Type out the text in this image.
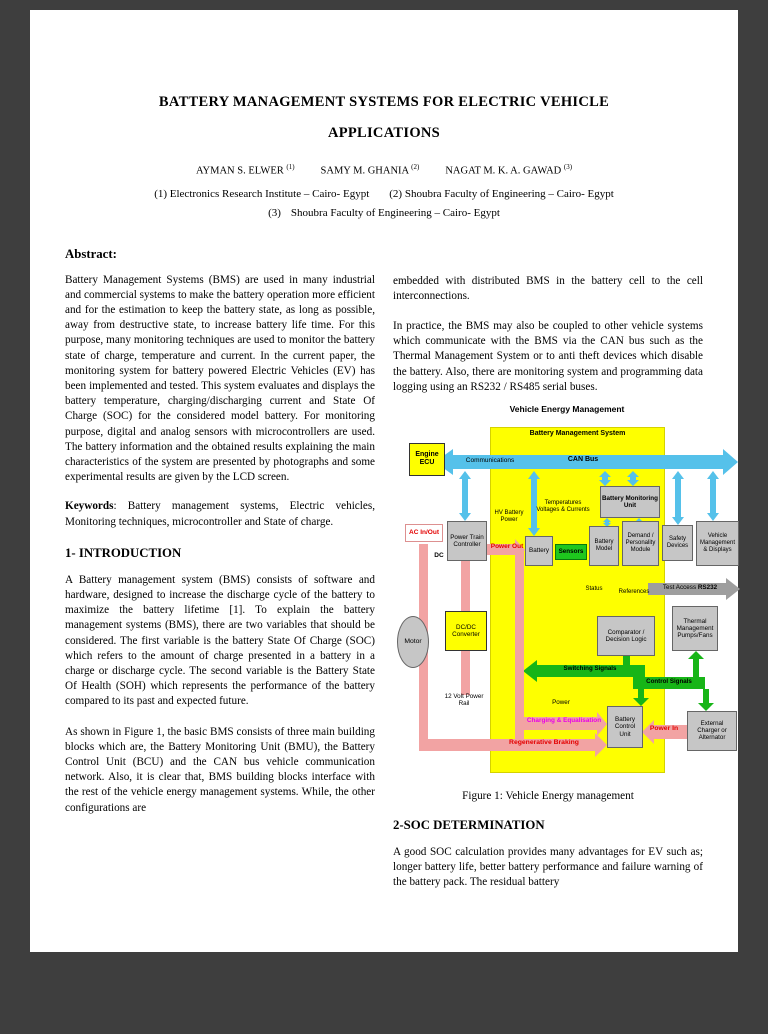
BATTERY MANAGEMENT SYSTEMS FOR ELECTRIC VEHICLE
APPLICATIONS
AYMAN S. ELWER $^{(1)}$ SAMY M. GHANIA $^{(2)}$ NAGAT M. K. A. GAWAD $^{(3)}$
(1) Electronics Research Institute – Cairo- Egypt (2) Shoubra Faculty of Engineering – Cairo- Egypt
(3) Shoubra Faculty of Engineering – Cairo- Egypt
Abstract:

Battery Management Systems (BMS) are used in many industrial and commercial systems to make the battery operation more efficient and for the estimation to keep the battery state, as long as possible, away from destructive state, to increase battery life time. For this purpose, many monitoring techniques are used to monitor the battery state of charge, temperature and current. In the current paper, the monitoring system for battery powered Electric Vehicles (EV) has been implemented and tested. This system evaluates and displays the battery temperature, charging/discharging current and State Of Charge (SOC) for the considered model battery. For monitoring purpose, digital and analog sensors with microcontrollers are used. The battery information and the obtained results explaining the main characteristics of the system are presented by photographs and some experimental results are given by the LCD screen.

Keywords: Battery management systems, Electric vehicles, Monitoring techniques, microcontroller and State of charge.

1- INTRODUCTION

A Battery management system (BMS) consists of software and hardware, designed to increase the discharge cycle of the battery to maximize the battery lifetime [1]. To explain the battery management systems (BMS), there are two variables that should be considered. The first variable is the battery State Of Charge (SOC) which refers to the amount of charge presented in a battery in a charge or discharge cycle. The second variable is the Battery State Of Health (SOH) which represents the performance of the battery compared to its past and expected future.

As shown in Figure 1, the basic BMS consists of three main building blocks which are, the Battery Monitoring Unit (BMU), the Battery Control Unit (BCU) and the CAN bus vehicle communication network. Also, it is clear that, BMS building blocks interface with the rest of the vehicle energy management systems. While, the other configurations are

embedded with distributed BMS in the battery cell to the cell interconnections.

In practice, the BMS may also be coupled to other vehicle systems which communicate with the BMS via the CAN bus such as the Thermal Management System or to anti theft devices which disable the battery. Also, there are monitoring system and programming data logging using an RS232 / RS485 serial buses.

Vehicle Energy Management
Battery Management System
Communications	CAN Bus
Engine ECU
Battery Monitoring Unit
Temperatures Voltages & Currents
AC In/Out
Power Train Controller
HV Battery Power
Power Out
DC
Battery	Sensors
Battery Model
Demand / Personality Module
Safety Devices
Vehicle Management & Displays
Status	References
Test Access RS232
Comparator / Decision Logic
Thermal Management Pumps/Fans
DC/DC Converter
Motor
Switching Signals
Control Signals
12 Volt Power Rail	Power
Charging & Equalisation	Battery Control Unit
Power In
External Charger or Alternator
Regenerative Braking
Figure 1: Vehicle Energy management
2-SOC DETERMINATION

A good SOC calculation provides many advantages for EV such as; longer battery life, better battery performance and failure warning of the battery pack. The residual battery
